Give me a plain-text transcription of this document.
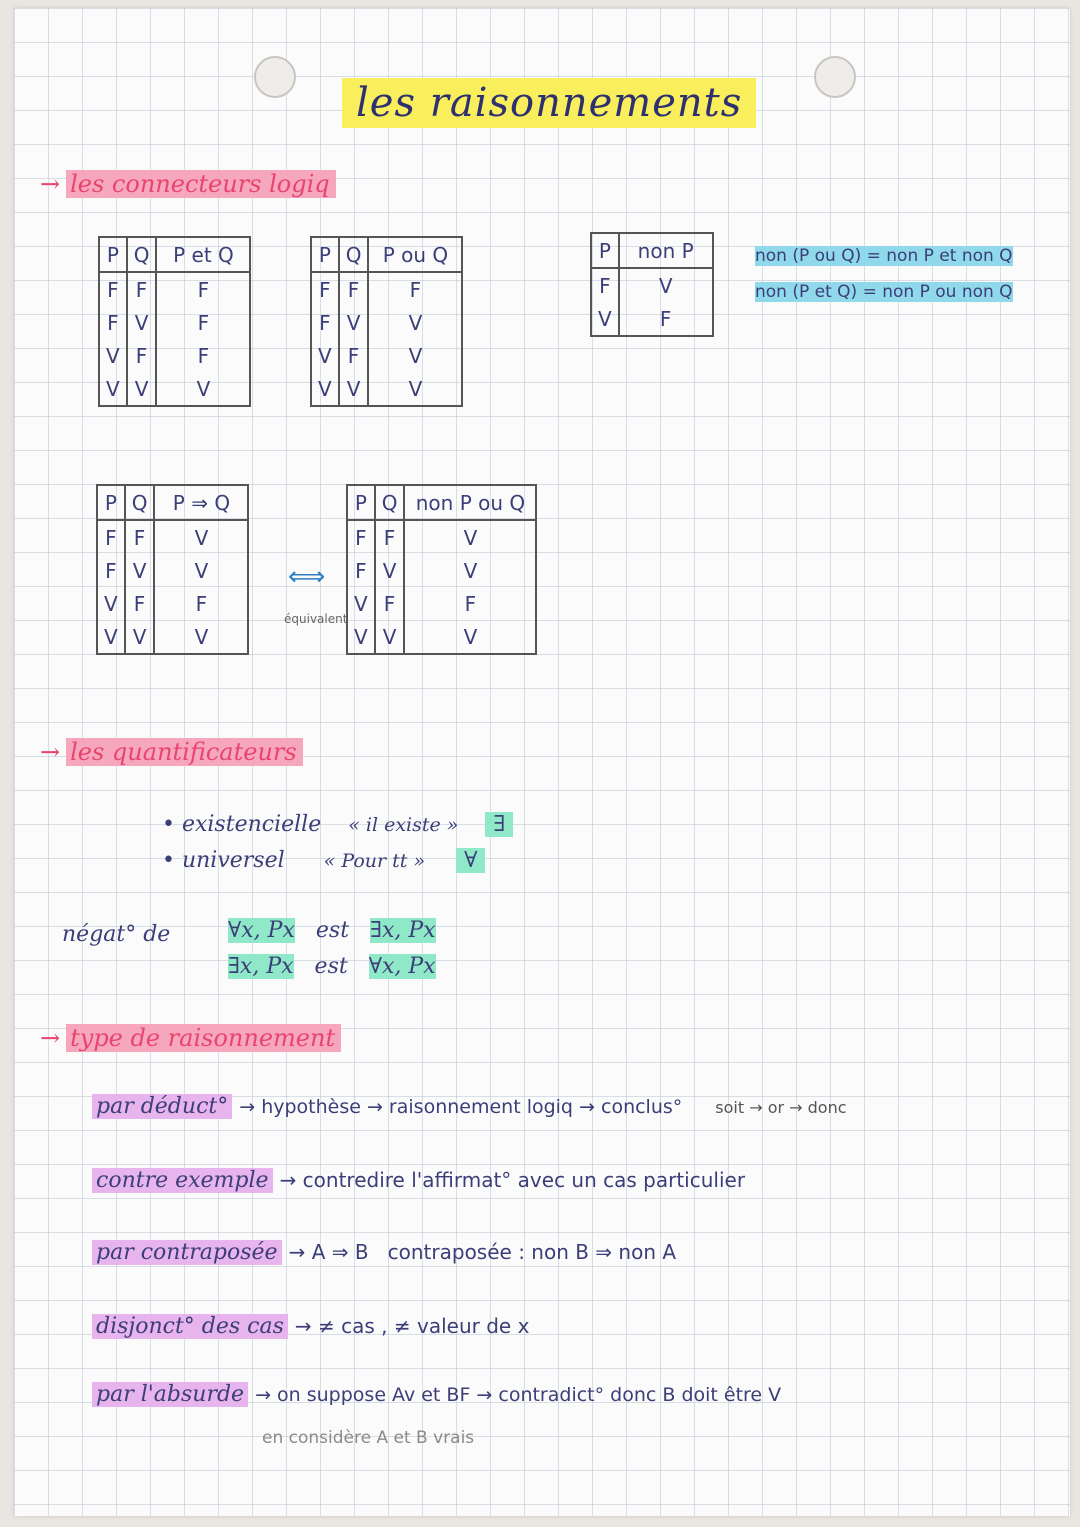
les raisonnements
→ les connecteurs logiq
P	Q	P et Q
F	F	F
F	V	F
V	F	F
V	V	V
P	Q	P ou Q
F	F	F
F	V	V
V	F	V
V	V	V
P	non P
F	V
V	F
non (P ou Q) = non P et non Q
non (P et Q) = non P ou non Q
P	Q	P ⇒ Q
F	F	V
F	V	V
V	F	F
V	V	V
⟺
équivalent
P	Q	non P ou Q
F	F	V
F	V	V
V	F	F
V	V	V
→ les quantificateurs
• existencielle « il existe » ∃
• universel « Pour tt » ∀
négat° de	∀x, Px est ∃x, Px
∃x, Px est ∀x, Px
→ type de raisonnement
par déduct° → hypothèse → raisonnement logiq → conclus° soit → or → donc
contre exemple → contredire l'affirmat° avec un cas particulier
par contraposée → A ⇒ B   contraposée : non B ⇒ non A
disjonct° des cas → ≠ cas , ≠ valeur de x
par l'absurde → on suppose Av et BF → contradict° donc B doit être V
en considère A et B vrais
